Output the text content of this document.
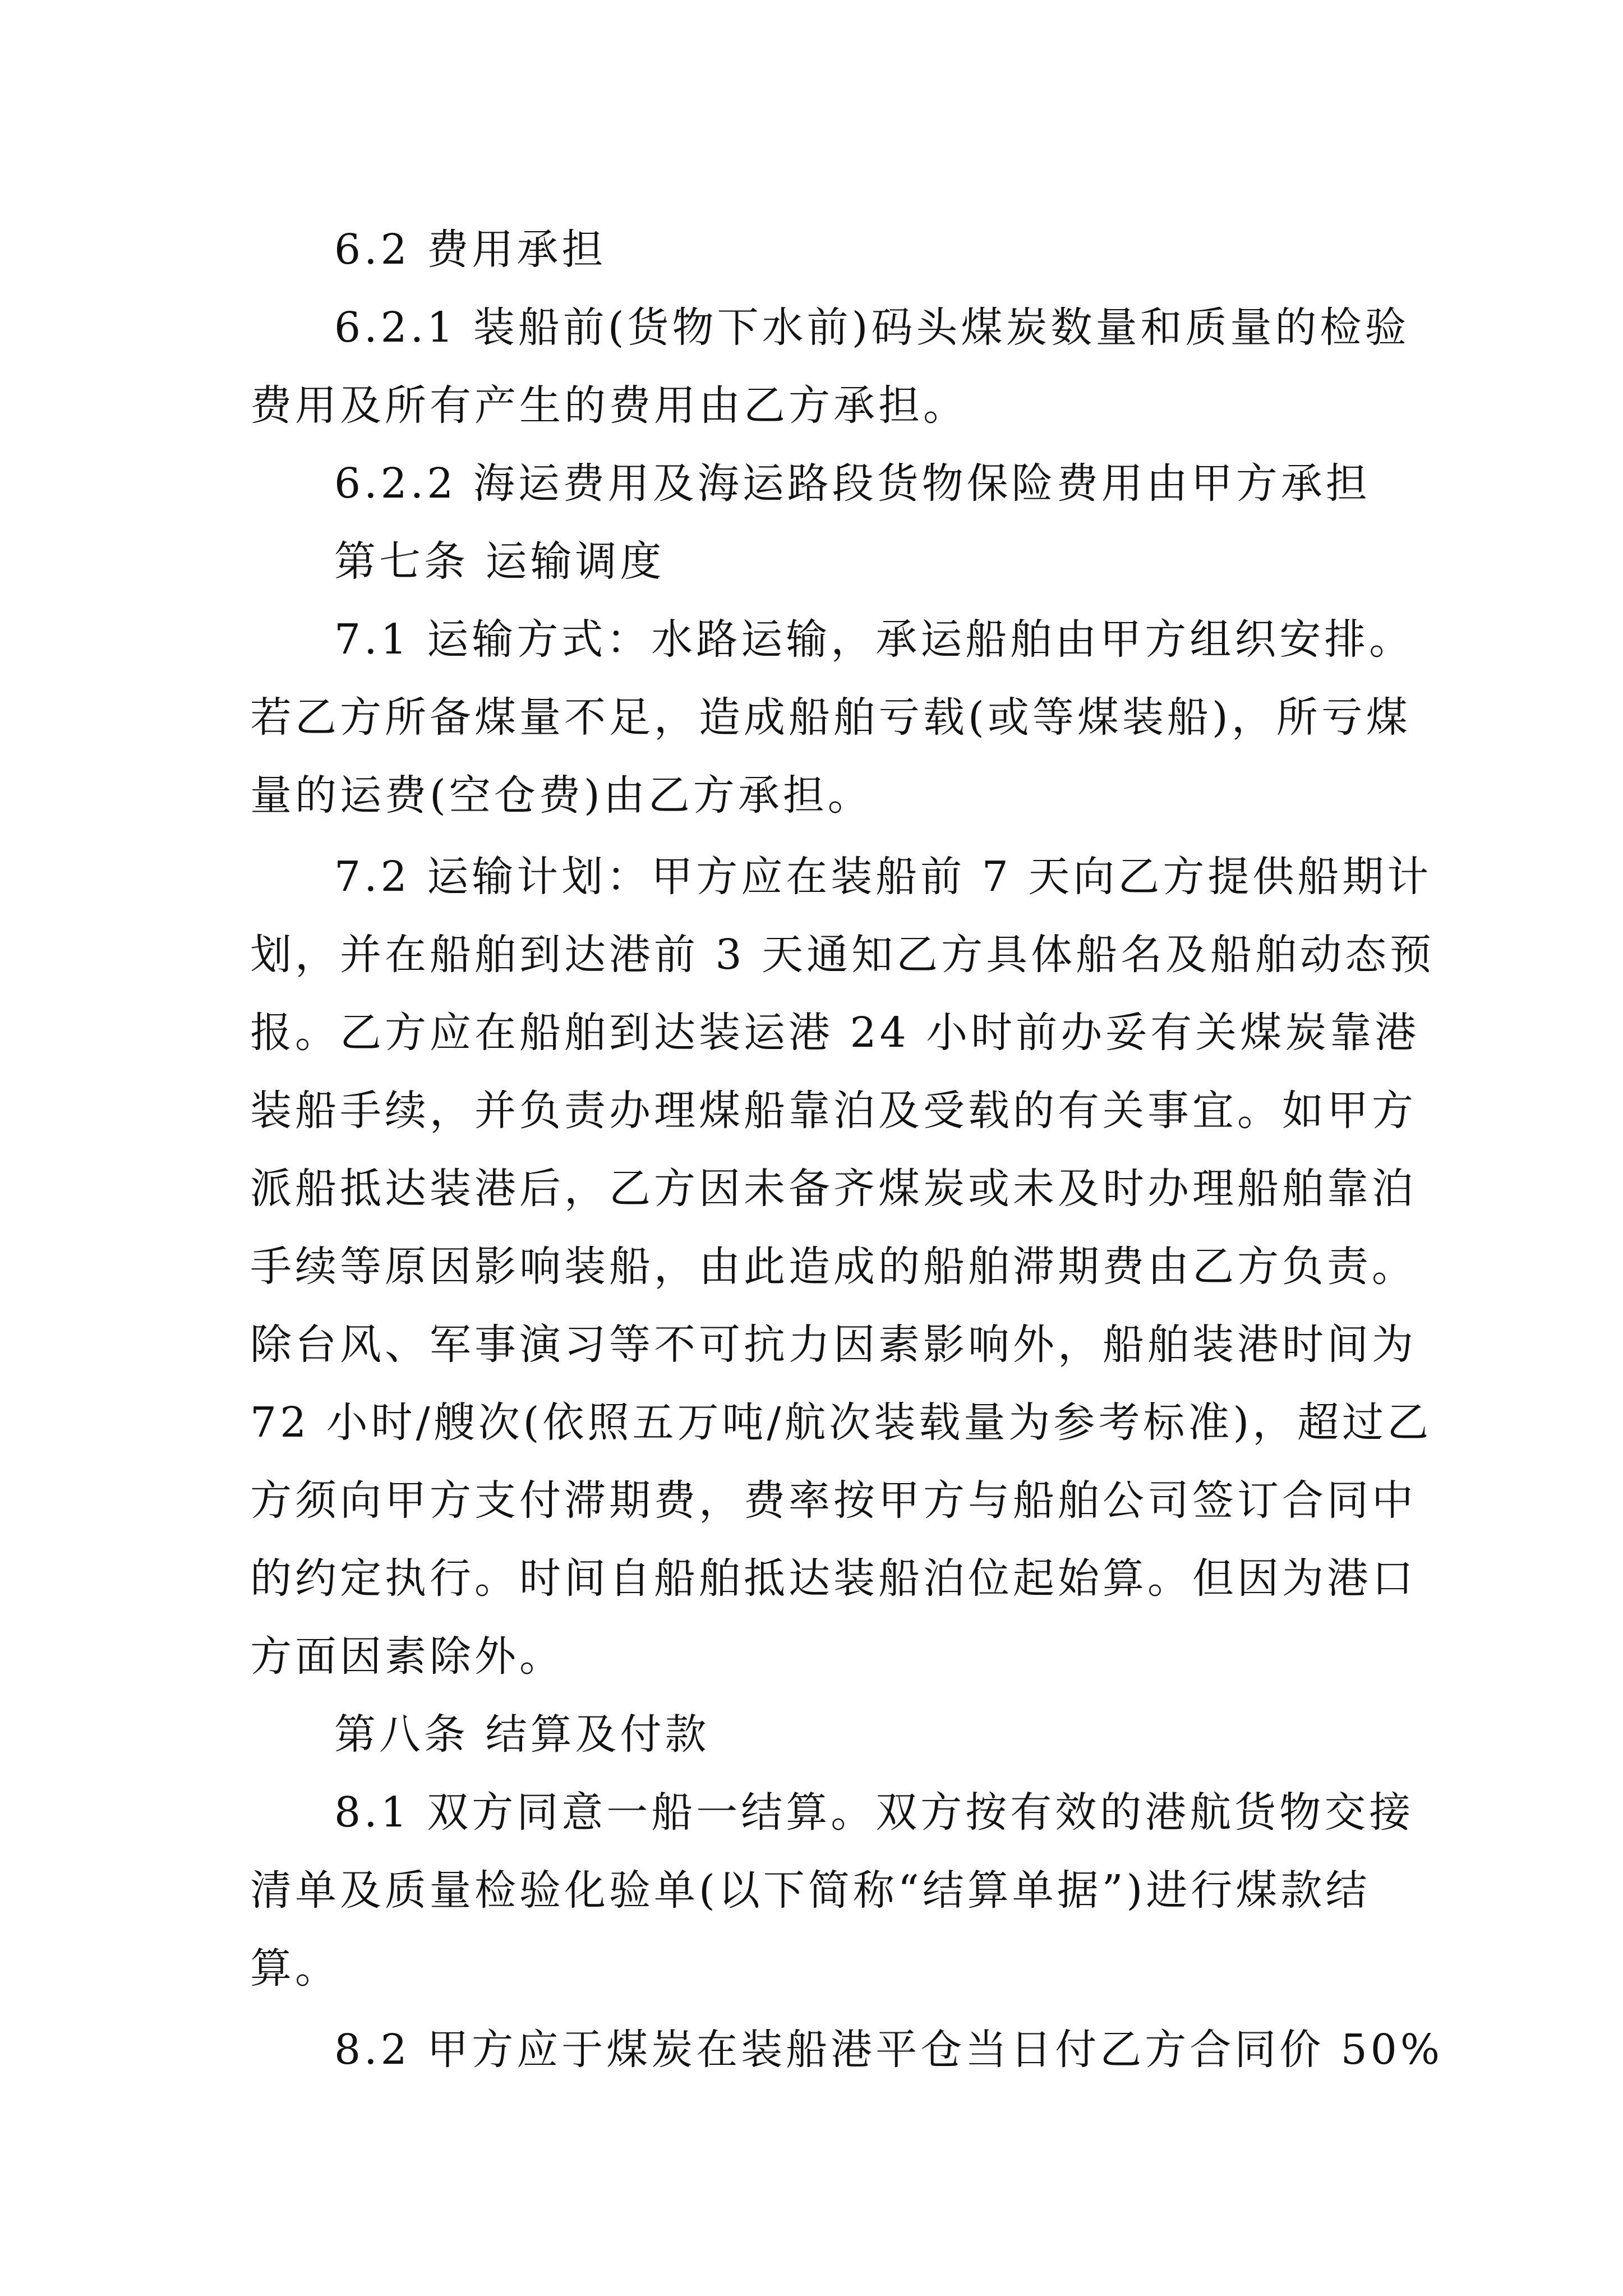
6.2 费用承担
6.2.1 装船前(货物下水前)码头煤炭数量和质量的检验
费用及所有产生的费用由乙方承担。
6.2.2 海运费用及海运路段货物保险费用由甲方承担
第七条 运输调度
7.1 运输方式：水路运输，承运船舶由甲方组织安排。
若乙方所备煤量不足，造成船舶亏载(或等煤装船)，所亏煤
量的运费(空仓费)由乙方承担。
7.2 运输计划：甲方应在装船前 7 天向乙方提供船期计
划，并在船舶到达港前 3 天通知乙方具体船名及船舶动态预
报。乙方应在船舶到达装运港 24 小时前办妥有关煤炭靠港
装船手续，并负责办理煤船靠泊及受载的有关事宜。如甲方
派船抵达装港后，乙方因未备齐煤炭或未及时办理船舶靠泊
手续等原因影响装船，由此造成的船舶滞期费由乙方负责。
除台风、军事演习等不可抗力因素影响外，船舶装港时间为
72 小时/艘次(依照五万吨/航次装载量为参考标准)，超过乙
方须向甲方支付滞期费，费率按甲方与船舶公司签订合同中
的约定执行。时间自船舶抵达装船泊位起始算。但因为港口
方面因素除外。
第八条 结算及付款
8.1 双方同意一船一结算。双方按有效的港航货物交接
清单及质量检验化验单(以下简称“结算单据”)进行煤款结
算。
8.2 甲方应于煤炭在装船港平仓当日付乙方合同价 50%
